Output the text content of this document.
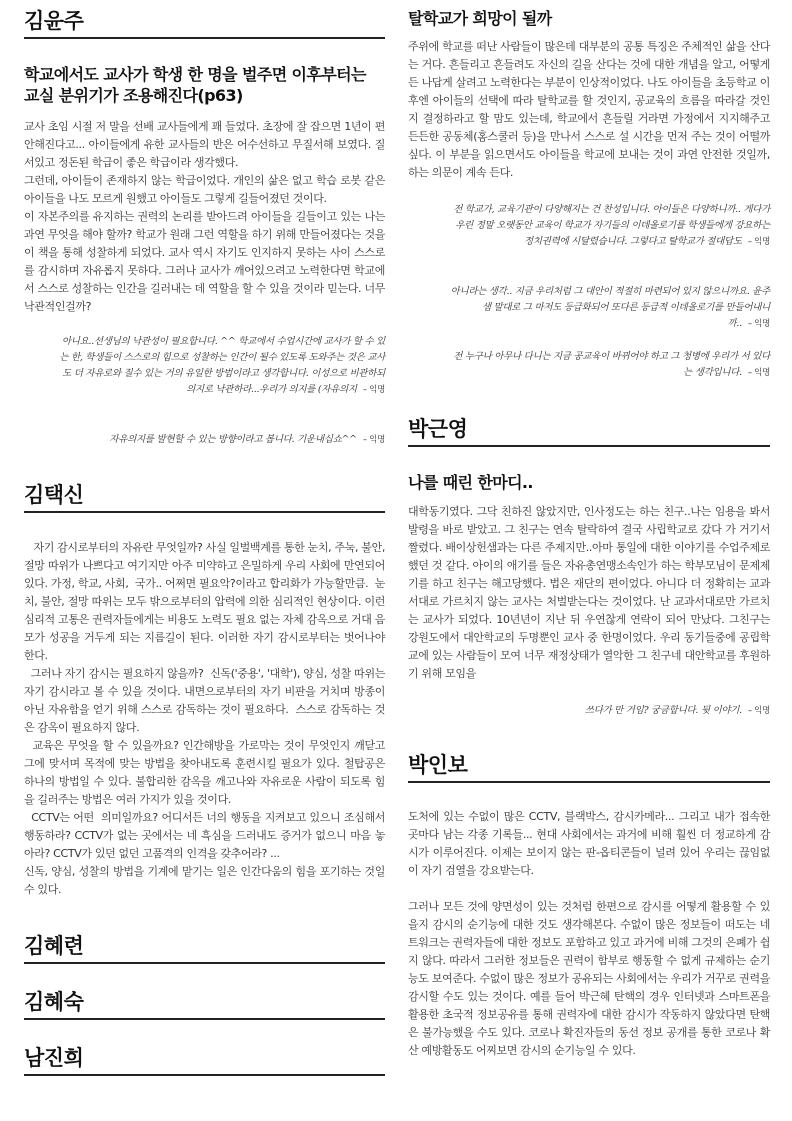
김윤주
학교에서도 교사가 학생 한 명을 벌주면 이후부터는 교실 분위기가 조용해진다(p63)

교사 초임 시절 저 말을 선배 교사들에게 꽤 들었다. 초장에 잘 잡으면 1년이 편안해진다고... 아이들에게 유한 교사들의 반은 어수선하고 무질서해 보였다. 질서있고 정돈된 학급이 좋은 학급이라 생각했다.
그런데, 아이들이 존재하지 않는 학급이었다. 개인의 삶은 없고 학습 로봇 같은 아이들을 나도 모르게 원했고 아이들도 그렇게 길들어졌던 것이다.
이 자본주의를 유지하는 권력의 논리를 받아드려 아이들을 길들이고 있는 나는 과연 무엇을 해야 할까? 학교가 원래 그런 역할을 하기 위해 만들어졌다는 것을 이 책을 통해 성찰하게 되었다. 교사 역시 자기도 인지하지 못하는 사이 스스로를 감시하며 자유롭지 못하다. 그러나 교사가 깨어있으려고 노력한다면 학교에서 스스로 성찰하는 인간을 길러내는 데 역할을 할 수 있을 것이라 믿는다. 너무 낙관적인걸까?

아니요..선생님의 낙관성이 필요합니다. ^^ 학교에서 수업시간에 교사가 할 수 있는 한, 학생들이 스스로의 힘으로 성찰하는 인간이 될수 있도록 도와주는 것은 교사도 더 자유로와 질수 있는 거의 유일한 방법이라고 생각합니다. 이성으로 비관하되 의지로 낙관하라...우리가 의지를 (자유의지 – 익명

자유의지를 발현할 수 있는 방향이라고 봅니다. 기운내십쇼^^ – 익명

김택신

자기 감시로부터의 자유란 무엇일까? 사실 일벌백계를 통한 눈치, 주눅, 불안, 절망 따위가 나쁘다고 여기지만 아주 미약하고 은밀하게 우리 사회에 만연되어 있다. 가정, 학교, 사회,  국가.. 어쩌면 필요악?이라고 합리화가 가능할만큼.  눈치, 불안, 절망 따위는 모두 밖으로부터의 압력에 의한 심리적인 현상이다. 이런 심리적 고통은 권력자들에게는 비용도 노력도 필요 없는 자체 감옥으로 거대 음모가 성공을 거두게 되는 지름길이 된다. 이러한 자기 감시로부터는 벗어나야 한다.
그러나 자기 감시는 필요하지 않을까?  신독('중용', '대학'), 양심, 성찰 따위는 자기 감시라고 볼 수 있을 것이다. 내면으로부터의 자기 비판을 거치며 방종이 아닌 자유함을 얻기 위해 스스로 감독하는 것이 필요하다.  스스로 감독하는 것은 감옥이 필요하지 않다.
교육은 무엇을 할 수 있을까요? 인간해방을 가로막는 것이 무엇인지 깨닫고 그에 맞서며 목적에 맞는 방법을 찾아내도록 훈련시킬 필요가 있다. 철탑공은 하나의 방법일 수 있다. 불합리한 감옥을 깨고나와 자유로운 사람이 되도록 힘을 길러주는 방법은 여러 가지가 있을 것이다.
CCTV는 어떤  의미일까요? 어디서든 너의 행동을 지켜보고 있으니 조심해서 행동하라? CCTV가 없는 곳에서는 네 흑심을 드러내도 증거가 없으니 마음 놓아라? CCTV가 있던 없던 고품격의 인격을 갖추어라? ...
신독, 양심, 성찰의 방법을 기계에 맡기는 일은 인간다움의 힘을 포기하는 것일 수 있다.

김혜련
김혜숙
남진희
탈학교가 희망이 될까

주위에 학교를 떠난 사람들이 많은데 대부분의 공통 특징은 주체적인 삶을 산다는 거다. 흔들리고 흔들려도 자신의 길을 산다는 것에 대한 개념을 알고, 어떻게든 나답게 살려고 노력한다는 부분이 인상적이었다. 나도 아이들을 초등학교 이후엔 아이들의 선택에 따라 탈학교를 할 것인지, 공교육의 흐름을 따라갈 것인지 결정하라고 할 맘도 있는데, 학교에서 흔들릴 거라면 가정에서 지지해주고 든든한 공동체(홈스쿨러 등)을 만나서 스스로 설 시간을 먼저 주는 것이 어떨까 싶다. 이 부분을 읽으면서도 아이들을 학교에 보내는 것이 과연 안전한 것일까, 하는 의문이 계속 든다.

전 학교가, 교육기관이 다양해지는 건 찬성입니다. 아이들은 다양하니까.. 게다가 우린 정말 오랫동안 교육이 학교가 자기들의 이데올로기를 학생들에게 강요하는 정치권력에 시달렸습니다. 그렇다고 탈학교가 절대답도 – 익명

아니라는 생각.. 지금 우리처럼 그 대안이 적절히 마련되어 있지 않으니까요. 윤주샘 말대로 그 마저도 등급화되어 또다른 등급적 이데올로기를 만들어내니까.. – 익명

전 누구나 아무나 다니는 지금 공교육이 바뀌어야 하고 그 청병에 우리가 서 있다는 생각입니다. – 익명

박근영
나를 때린 한마디..

대학동기였다. 그닥 친하진 않았지만, 인사정도는 하는 친구..나는 임용을 봐서 발령을 바로 받았고. 그 친구는 연속 탈락하여 결국 사립학교로 갔다 가 거기서 짤렸다. 배이상헌샘과는 다른 주제지만..아마 통일에 대한 이야기를 수업주제로 했던 것 같다. 아이의 애기를 들은 자유총연맹소속인가 하는 학부모님이 문제제기를 하고 친구는 해고당했다. 법은 재단의 편이었다. 아니다 더 정확히는 교과서대로 가르치지 않는 교사는 처벌받는다는 것이었다. 난 교과서대로만 가르치는 교사가 되었다. 10년년이 지난 뒤 우연찮게 연락이 되어 만났다. 그친구는 강원도에서 대안학교의 두명뿐인 교사 중 한명이었다. 우리 동기들중에 공립학교에 있는 사람들이 모여 너무 재정상태가 열악한 그 친구네 대안학교를 후원하기 위해 모임을

쓰다가 만 거임? 궁금합니다. 뒷 이야기. – 익명

박인보

도처에 있는 수없이 많은 CCTV, 블랙박스, 감시카메라... 그리고 내가 접속한 곳마다 남는 각종 기록들... 현대 사회에서는 과거에 비해 훨씬 더 정교하게 감시가 이루어진다. 이제는 보이지 않는 판-옵티콘들이 널려 있어 우리는 끊임없이 자기 검열을 강요받는다.

그러나 모든 것에 양면성이 있는 것처럼 한편으로 감시를 어떻게 활용할 수 있을지 감시의 순기능에 대한 것도 생각해본다. 수없이 많은 정보들이 떠도는 네트워크는 권력자들에 대한 정보도 포함하고 있고 과거에 비해 그것의 은폐가 쉽지 않다. 따라서 그러한 정보들은 권력이 함부로 행동할 수 없게 규제하는 순기능도 보여준다. 수없이 많은 정보가 공유되는 사회에서는 우리가 거꾸로 권력을 감시할 수도 있는 것이다. 예를 들어 박근혜 탄핵의 경우 인터넷과 스마트폰을 활용한 초국적 정보공유를 통해 권력자에 대한 감시가 작동하지 않았다면 탄핵은 불가능했을 수도 있다. 코로나 확진자들의 동선 정보 공개를 통한 코로나 확산 예방활동도 어찌보면 감시의 순기능일 수 있다.
